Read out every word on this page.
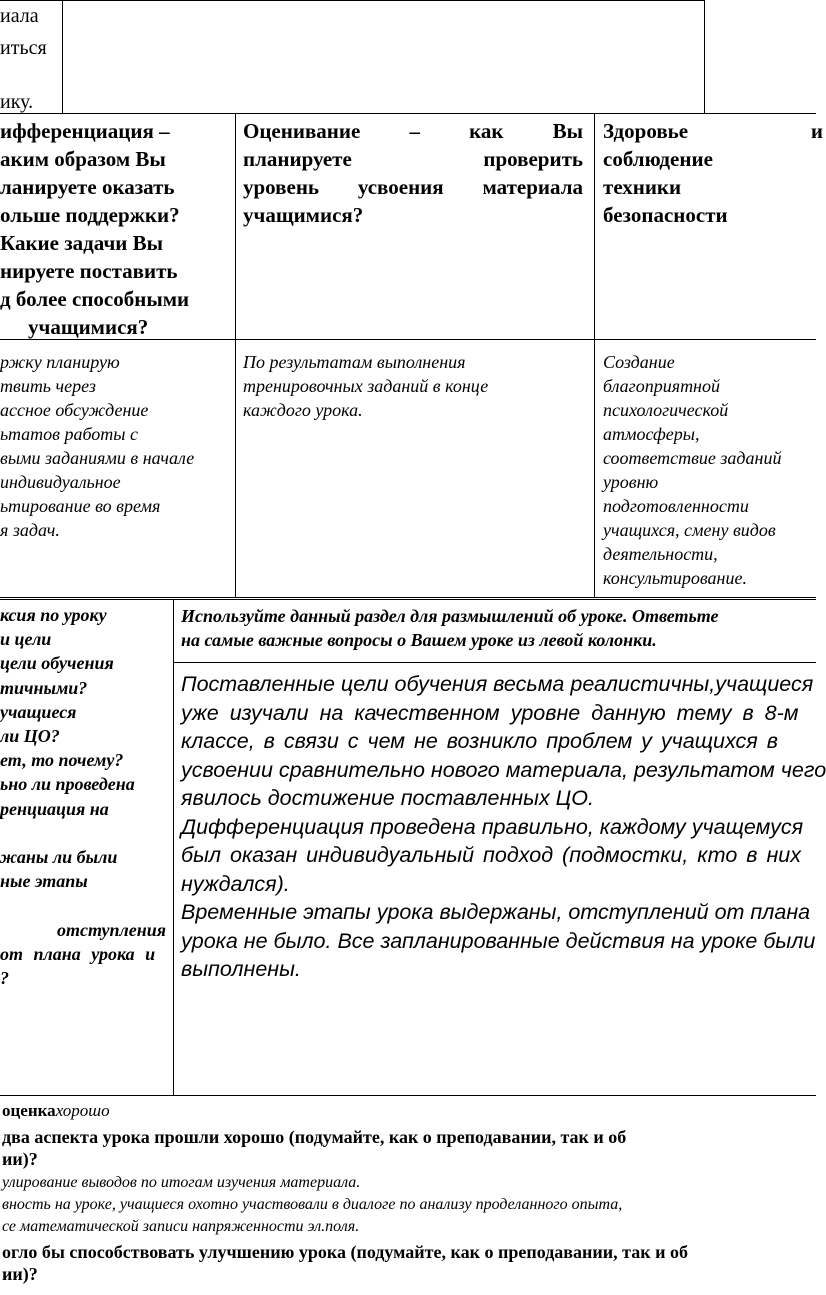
иала
иться
ику.
ифференциация –
аким образом Вы
ланируете оказать
ольше поддержки?
Какие задачи Вы
нируете поставить
д более способными
учащимися?
Оценивание – как Вы
планируете	проверить
уровень усвоения материала
учащимися?
Здоровье	и
соблюдение
техники
безопасности
ржку планирую
твить через
ассное обсуждение
ьтатов работы с
выми заданиями в начале
индивидуальное
ьтирование во время
я задач.
По результатам выполнения
тренировочных заданий в конце
каждого урока.
Создание
благоприятной
психологической
атмосферы,
соответствие заданий
уровню
подготовленности
учащихся, смену видов
деятельности,
консультирование.
ксия по уроку
и цели
цели обучения
тичными?
учащиеся
ли ЦО?
ет, то почему?
ьно ли проведена
ренциация на
жаны ли были
ные этапы
отступления
от плана урока и
?
Используйте данный раздел для размышлений об уроке. Ответьте
на самые важные вопросы о Вашем уроке из левой колонки.
Поставленные цели обучения весьма реалистичны,учащиеся
уже изучали на качественном уровне данную тему в 8-м
классе, в связи с чем не возникло проблем у учащихся в
усвоении сравнительно нового материала, результатом чего
явилось достижение поставленных ЦО.
Дифференциация проведена правильно, каждому учащемуся
был оказан индивидуальный подход (подмостки, кто в них
нуждался).
Временные этапы урока выдержаны, отступлений от плана
урока не было. Все запланированные действия на уроке были
выполнены.
оценкахорошо
два аспекта урока прошли хорошо (подумайте, как о преподавании, так и об
ии)?
улирование выводов по итогам изучения материала.
вность на уроке, учащиеся охотно участвовали в диалоге по анализу проделанного опыта,
се математической записи напряженности эл.поля.
огло бы способствовать улучшению урока (подумайте, как о преподавании, так и об
ии)?
